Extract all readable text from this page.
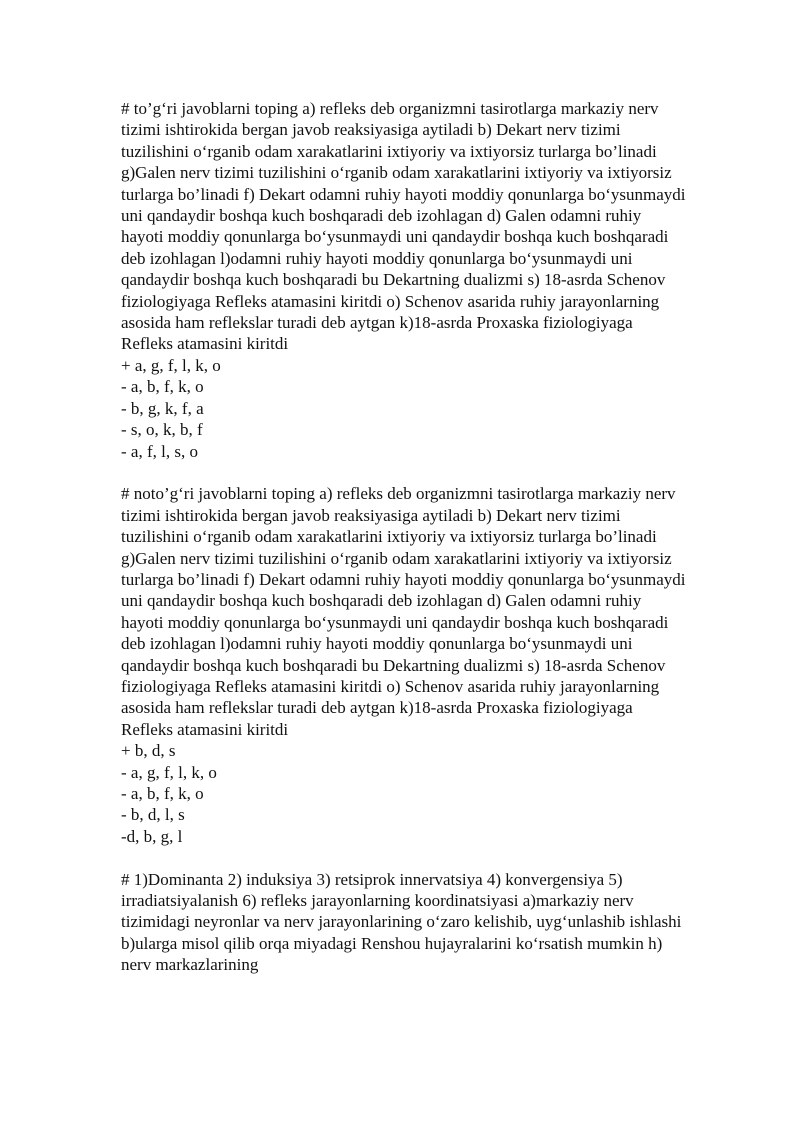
# to’g‘ri javoblarni toping a) refleks deb organizmni tasirotlarga markaziy nerv tizimi ishtirokida bergan javob reaksiyasiga aytiladi b) Dekart nerv tizimi tuzilishini o‘rganib odam xarakatlarini ixtiyoriy va ixtiyorsiz turlarga bo’linadi g)Galen nerv tizimi tuzilishini o‘rganib odam xarakatlarini ixtiyoriy va ixtiyorsiz turlarga bo’linadi f) Dekart odamni ruhiy hayoti moddiy qonunlarga bo‘ysunmaydi uni qandaydir boshqa kuch boshqaradi deb izohlagan d) Galen odamni ruhiy hayoti moddiy qonunlarga bo‘ysunmaydi uni qandaydir boshqa kuch boshqaradi deb izohlagan l)odamni ruhiy hayoti moddiy qonunlarga bo‘ysunmaydi uni qandaydir boshqa kuch boshqaradi bu Dekartning dualizmi s) 18-asrda Schenov fiziologiyaga Refleks atamasini kiritdi o) Schenov asarida ruhiy jarayonlarning asosida ham reflekslar turadi deb aytgan k)18-asrda Proxaska fiziologiyaga Refleks atamasini kiritdi

+ a, g, f, l, k, o
- a, b, f, k, o
- b, g, k, f, a
- s, o, k, b, f
- a, f, l, s, o

# noto’g‘ri javoblarni toping a) refleks deb organizmni tasirotlarga markaziy nerv tizimi ishtirokida bergan javob reaksiyasiga aytiladi b) Dekart nerv tizimi tuzilishini o‘rganib odam xarakatlarini ixtiyoriy va ixtiyorsiz turlarga bo’linadi g)Galen nerv tizimi tuzilishini o‘rganib odam xarakatlarini ixtiyoriy va ixtiyorsiz turlarga bo’linadi f) Dekart odamni ruhiy hayoti moddiy qonunlarga bo‘ysunmaydi uni qandaydir boshqa kuch boshqaradi deb izohlagan d) Galen odamni ruhiy hayoti moddiy qonunlarga bo‘ysunmaydi uni qandaydir boshqa kuch boshqaradi deb izohlagan l)odamni ruhiy hayoti moddiy qonunlarga bo‘ysunmaydi uni qandaydir boshqa kuch boshqaradi bu Dekartning dualizmi s) 18-asrda Schenov fiziologiyaga Refleks atamasini kiritdi o) Schenov asarida ruhiy jarayonlarning asosida ham reflekslar turadi deb aytgan k)18-asrda Proxaska fiziologiyaga Refleks atamasini kiritdi

+ b, d, s
- a, g, f, l, k, o
- a, b, f, k, o
- b, d, l, s
-d, b, g, l

# 1)Dominanta 2) induksiya 3) retsiprok innervatsiya 4) konvergensiya 5) irradiatsiyalanish 6) refleks jarayonlarning koordinatsiyasi a)markaziy nerv tizimidagi neyronlar va nerv jarayonlarining o‘zaro kelishib, uyg‘unlashib ishlashi b)ularga misol qilib orqa miyadagi Renshou hujayralarini ko‘rsatish mumkin h) nerv markazlarining
